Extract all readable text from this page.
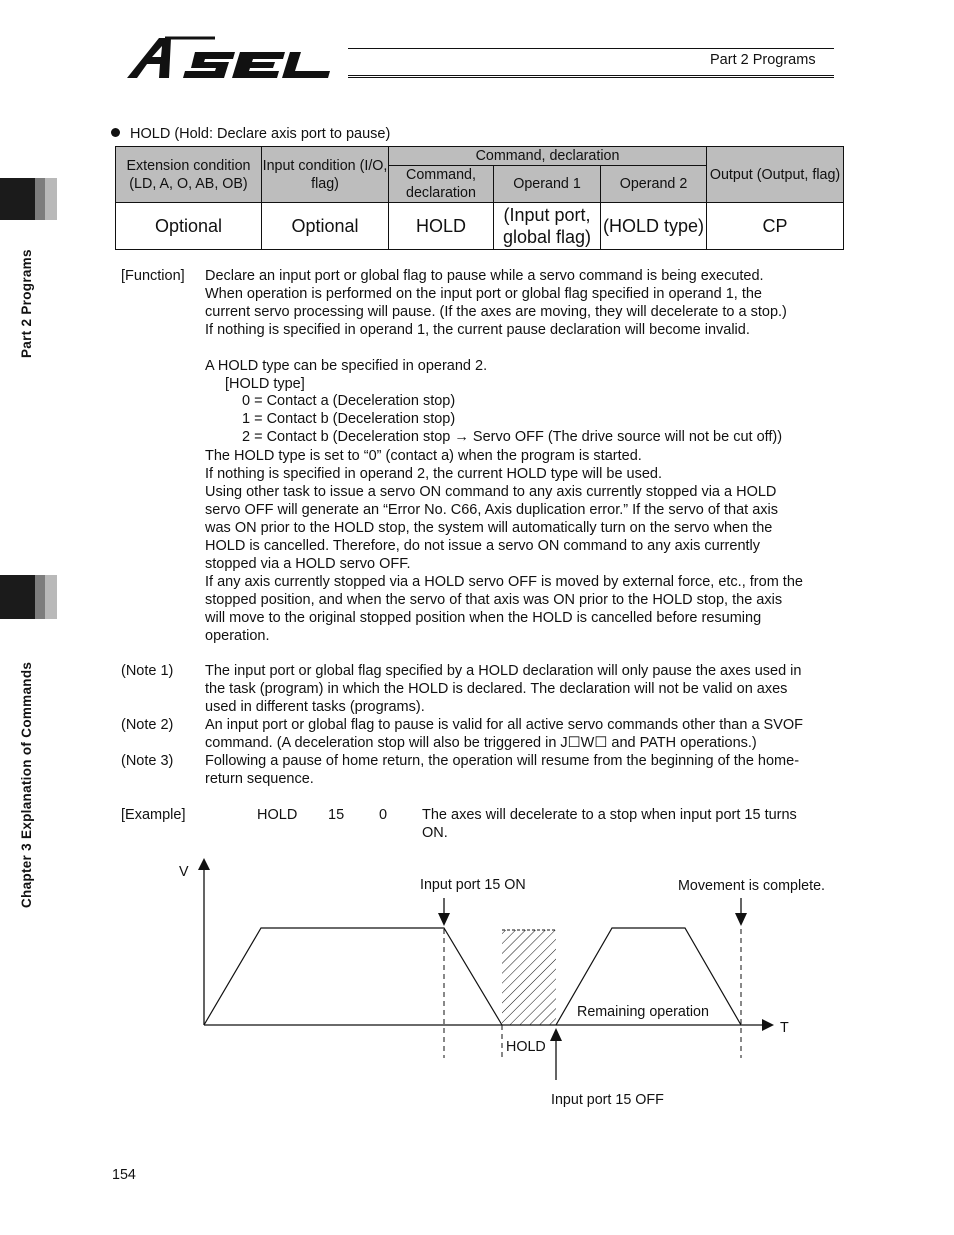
Part 2 Programs
Part 2 Programs
Chapter 3 Explanation of Commands
HOLD (Hold: Declare axis port to pause)
Extension condition (LD, A, O, AB, OB)	Input condition (I/O, flag)	Command, declaration			Output (Output, flag)
		Command, declaration	Operand 1	Operand 2	
Optional	Optional	HOLD	(Input port, global flag)	(HOLD type)	CP
[Function] Declare an input port or global flag to pause while a servo command is being executed.
When operation is performed on the input port or global flag specified in operand 1, the
current servo processing will pause. (If the axes are moving, they will decelerate to a stop.)
If nothing is specified in operand 1, the current pause declaration will become invalid.
A HOLD type can be specified in operand 2.
[HOLD type]
0 = Contact a (Deceleration stop)
1 = Contact b (Deceleration stop)
2 = Contact b (Deceleration stop → Servo OFF (The drive source will not be cut off))
The HOLD type is set to “0” (contact a) when the program is started.
If nothing is specified in operand 2, the current HOLD type will be used.
Using other task to issue a servo ON command to any axis currently stopped via a HOLD
servo OFF will generate an “Error No. C66, Axis duplication error.” If the servo of that axis
was ON prior to the HOLD stop, the system will automatically turn on the servo when the
HOLD is cancelled. Therefore, do not issue a servo ON command to any axis currently
stopped via a HOLD servo OFF.
If any axis currently stopped via a HOLD servo OFF is moved by external force, etc., from the
stopped position, and when the servo of that axis was ON prior to the HOLD stop, the axis
will move to the original stopped position when the HOLD is cancelled before resuming
operation.
(Note 1) The input port or global flag specified by a HOLD declaration will only pause the axes used in
the task (program) in which the HOLD is declared. The declaration will not be valid on axes
used in different tasks (programs).
(Note 2) An input port or global flag to pause is valid for all active servo commands other than a SVOF
command. (A deceleration stop will also be triggered in J☐W☐ and PATH operations.)
(Note 3) Following a pause of home return, the operation will resume from the beginning of the home-
return sequence.
[Example]	HOLD 15 0 The axes will decelerate to a stop when input port 15 turns
ON.
V
T
Input port 15 ON	Movement is complete.
Remaining operation
HOLD
Input port 15 OFF
154
